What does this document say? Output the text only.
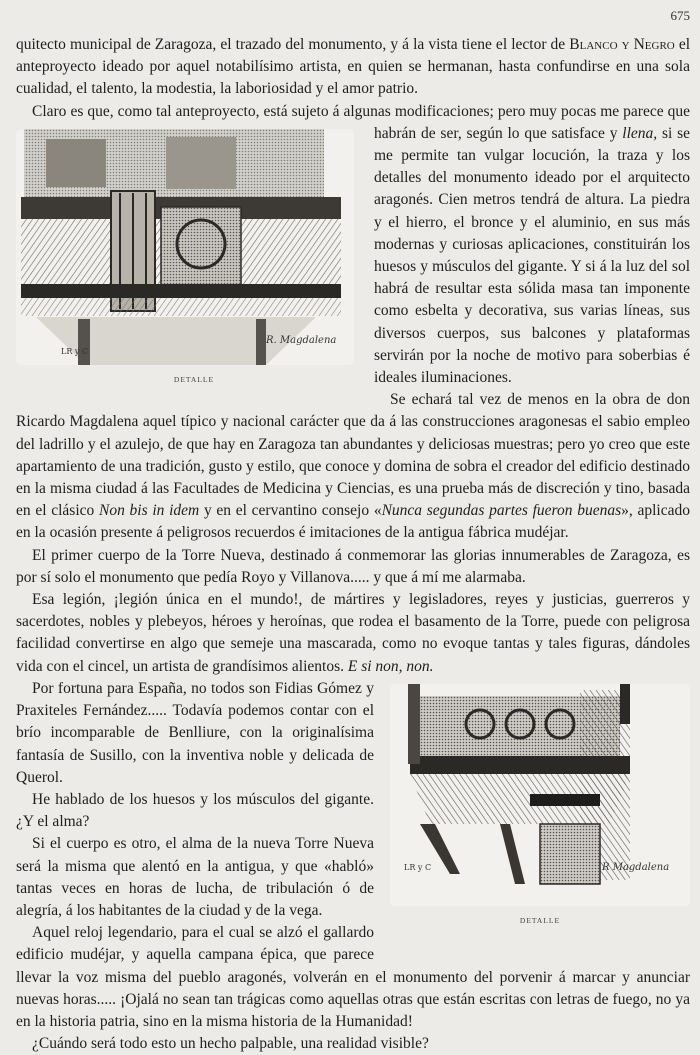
675

quitecto municipal de Zaragoza, el trazado del monumento, y á la vista tiene el lector de Blanco y Negro el anteproyecto ideado por aquel notabilísimo artista, en quien se hermanan, hasta confundirse en una sola cualidad, el talento, la modestia, la laboriosidad y el amor patrio.

Claro es que, como tal anteproyecto, está sujeto á algunas modificaciones; pero muy pocas me parece que habrán de ser, según lo que satisface y llena,
LR y C
R. Magdalena
DETALLE
si se me permite tan vulgar locución, la traza y los detalles del monumento ideado por el arquitecto aragonés. Cien metros tendrá de altura. La piedra y el hierro, el bronce y el aluminio, en sus más modernas y curiosas aplicaciones, constituirán los huesos y músculos del gigante. Y si á la luz del sol habrá de resultar esta sólida masa tan imponente como esbelta y decorativa, sus varias líneas, sus diversos cuerpos, sus balcones y plataformas servirán por la noche de motivo para soberbias é ideales iluminaciones.

Se echará tal vez de menos en la obra de don Ricardo Magdalena aquel típico y nacional carácter que da á las construcciones aragonesas el sabio empleo del ladrillo y el azulejo, de que hay en Zaragoza tan abundantes y deliciosas muestras; pero yo creo que este apartamiento de una tradición, gusto y estilo, que conoce y domina de sobra el creador del edificio destinado en la misma ciudad á las Facultades de Medicina y Ciencias, es una prueba más de discreción y tino, basada en el clásico Non bis in idem y en el cervantino consejo «Nunca segundas partes fueron buenas», aplicado en la ocasión presente á peligrosos recuerdos é imitaciones de la antigua fábrica mudéjar.

El primer cuerpo de la Torre Nueva, destinado á conmemorar las glorias innumerables de Zaragoza, es por sí solo el monumento que pedía Royo y Villanova..... y que á mí me alarmaba.

Esa legión, ¡legión única en el mundo!, de mártires y legisladores, reyes y justicias, guerreros y sacerdotes, nobles y plebeyos, héroes y heroínas, que rodea el basamento de la Torre, puede con peligrosa facilidad convertirse en algo que semeje una mascarada, como no evoque tantas y tales figuras, dándoles vida con el cincel, un artista de grandísimos alientos. E si non, non.

LR y C	R Magdalena
DETALLE

Por fortuna para España, no todos son Fidias Gómez y Praxiteles Fernández..... Todavía podemos contar con el brío incomparable de Benlliure, con la originalísima fantasía de Susillo, con la inventiva noble y delicada de Querol.

He hablado de los huesos y los músculos del gigante. ¿Y el alma?

Si el cuerpo es otro, el alma de la nueva Torre Nueva será la misma que alentó en la antigua, y que «habló» tantas veces en horas de lucha, de tribulación ó de alegría, á los habitantes de la ciudad y de la vega.

Aquel reloj legendario, para el cual se alzó el gallardo edificio mudéjar, y aquella campana épica, que parece llevar la voz misma del pueblo aragonés, volverán en el monumento del porvenir á marcar y anunciar nuevas horas..... ¡Ojalá no sean tan trágicas como aquellas otras que están escritas con letras de fuego, no ya en la historia patria, sino en la misma historia de la Humanidad!

¿Cuándo será todo esto un hecho palpable, una realidad visible?
